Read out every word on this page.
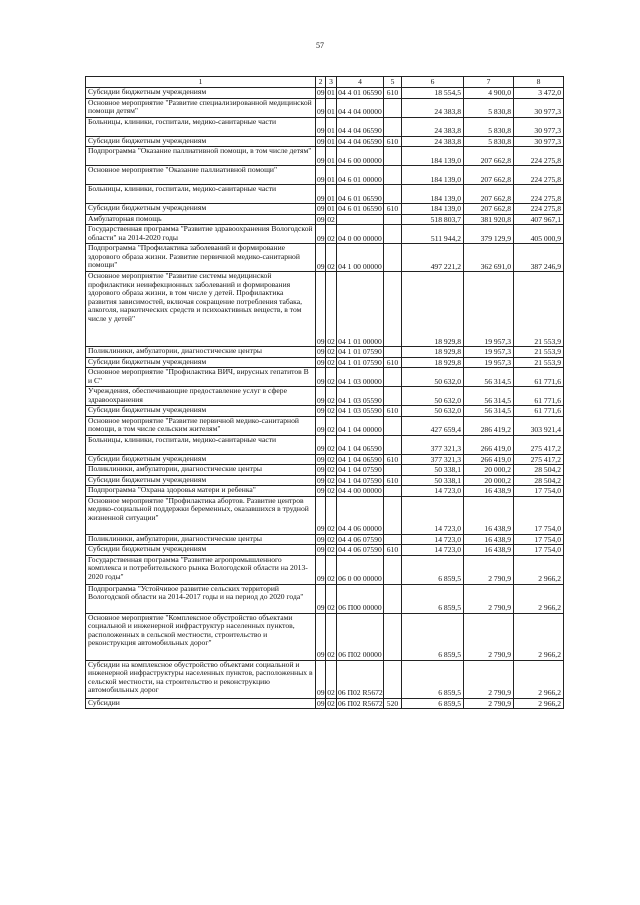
57
1	2	3	4	5	6	7	8
Субсидии бюджетным учреждениям	09	01	04 4 01 06590	610	18 554,5	4 900,0	3 472,0
Основное мероприятие "Развитие специализированной медицинской помощи детям"	09	01	04 4 04 00000		24 383,8	5 830,8	30 977,3
Больницы, клиники, госпитали, медико-санитарные части	09	01	04 4 04 06590		24 383,8	5 830,8	30 977,3
Субсидии бюджетным учреждениям	09	01	04 4 04 06590	610	24 383,8	5 830,8	30 977,3
Подпрограмма "Оказание паллиативной помощи, в том числе детям"	09	01	04 6 00 00000		184 139,0	207 662,8	224 275,8
Основное мероприятие "Оказание паллиативной помощи"	09	01	04 6 01 00000		184 139,0	207 662,8	224 275,8
Больницы, клиники, госпитали, медико-санитарные части	09	01	04 6 01 06590		184 139,0	207 662,8	224 275,8
Субсидии бюджетным учреждениям	09	01	04 6 01 06590	610	184 139,0	207 662,8	224 275,8
Амбулаторная помощь	09	02			518 803,7	381 920,8	407 967,1
Государственная программа "Развитие здравоохранения Вологодской области" на 2014-2020 годы	09	02	04 0 00 00000		511 944,2	379 129,9	405 000,9
Подпрограмма "Профилактика заболеваний и формирование здорового образа жизни. Развитие первичной медико-санитарной помощи"	09	02	04 1 00 00000		497 221,2	362 691,0	387 246,9
Основное мероприятие "Развитие системы медицинской профилактики неинфекционных заболеваний и формирования здорового образа жизни, в том числе у детей. Профилактика развития зависимостей, включая сокращение потребления табака, алкоголя, наркотических средств и психоактивных веществ, в том числе у детей"	09	02	04 1 01 00000		18 929,8	19 957,3	21 553,9
Поликлиники, амбулатории, диагностические центры	09	02	04 1 01 07590		18 929,8	19 957,3	21 553,9
Субсидии бюджетным учреждениям	09	02	04 1 01 07590	610	18 929,8	19 957,3	21 553,9
Основное мероприятие "Профилактика ВИЧ, вирусных гепатитов В и С"	09	02	04 1 03 00000		50 632,0	56 314,5	61 771,6
Учреждения, обеспечивающие предоставление услуг в сфере здравоохранения	09	02	04 1 03 05590		50 632,0	56 314,5	61 771,6
Субсидии бюджетным учреждениям	09	02	04 1 03 05590	610	50 632,0	56 314,5	61 771,6
Основное мероприятие "Развитие первичной медико-санитарной помощи, в том числе сельским жителям"	09	02	04 1 04 00000		427 659,4	286 419,2	303 921,4
Больницы, клиники, госпитали, медико-санитарные части	09	02	04 1 04 06590		377 321,3	266 419,0	275 417,2
Субсидии бюджетным учреждениям	09	02	04 1 04 06590	610	377 321,3	266 419,0	275 417,2
Поликлиники, амбулатории, диагностические центры	09	02	04 1 04 07590		50 338,1	20 000,2	28 504,2
Субсидии бюджетным учреждениям	09	02	04 1 04 07590	610	50 338,1	20 000,2	28 504,2
Подпрограмма "Охрана здоровья матери и ребенка"	09	02	04 4 00 00000		14 723,0	16 438,9	17 754,0
Основное мероприятие "Профилактика абортов. Развитие центров медико-социальной поддержки беременных, оказавшихся в трудной жизненной ситуации"	09	02	04 4 06 00000		14 723,0	16 438,9	17 754,0
Поликлиники, амбулатории, диагностические центры	09	02	04 4 06 07590		14 723,0	16 438,9	17 754,0
Субсидии бюджетным учреждениям	09	02	04 4 06 07590	610	14 723,0	16 438,9	17 754,0
Государственная программа "Развитие агропромышленного комплекса и потребительского рынка Вологодской области на 2013-2020 годы"	09	02	06 0 00 00000		6 859,5	2 790,9	2 966,2
Подпрограмма "Устойчивое развитие сельских территорий Вологодской области на 2014-2017 годы и на период до 2020 года"	09	02	06 П00 00000		6 859,5	2 790,9	2 966,2
Основное мероприятие "Комплексное обустройство объектами социальной и инженерной инфраструктур населенных пунктов, расположенных в сельской местности, строительство и реконструкция автомобильных дорог"	09	02	06 П02 00000		6 859,5	2 790,9	2 966,2
Субсидии на комплексное обустройство объектами социальной и инженерной инфраструктуры населенных пунктов, расположенных в сельской местности, на строительство и реконструкцию автомобильных дорог	09	02	06 П02 R5672		6 859,5	2 790,9	2 966,2
Субсидии	09	02	06 П02 R5672	520	6 859,5	2 790,9	2 966,2
